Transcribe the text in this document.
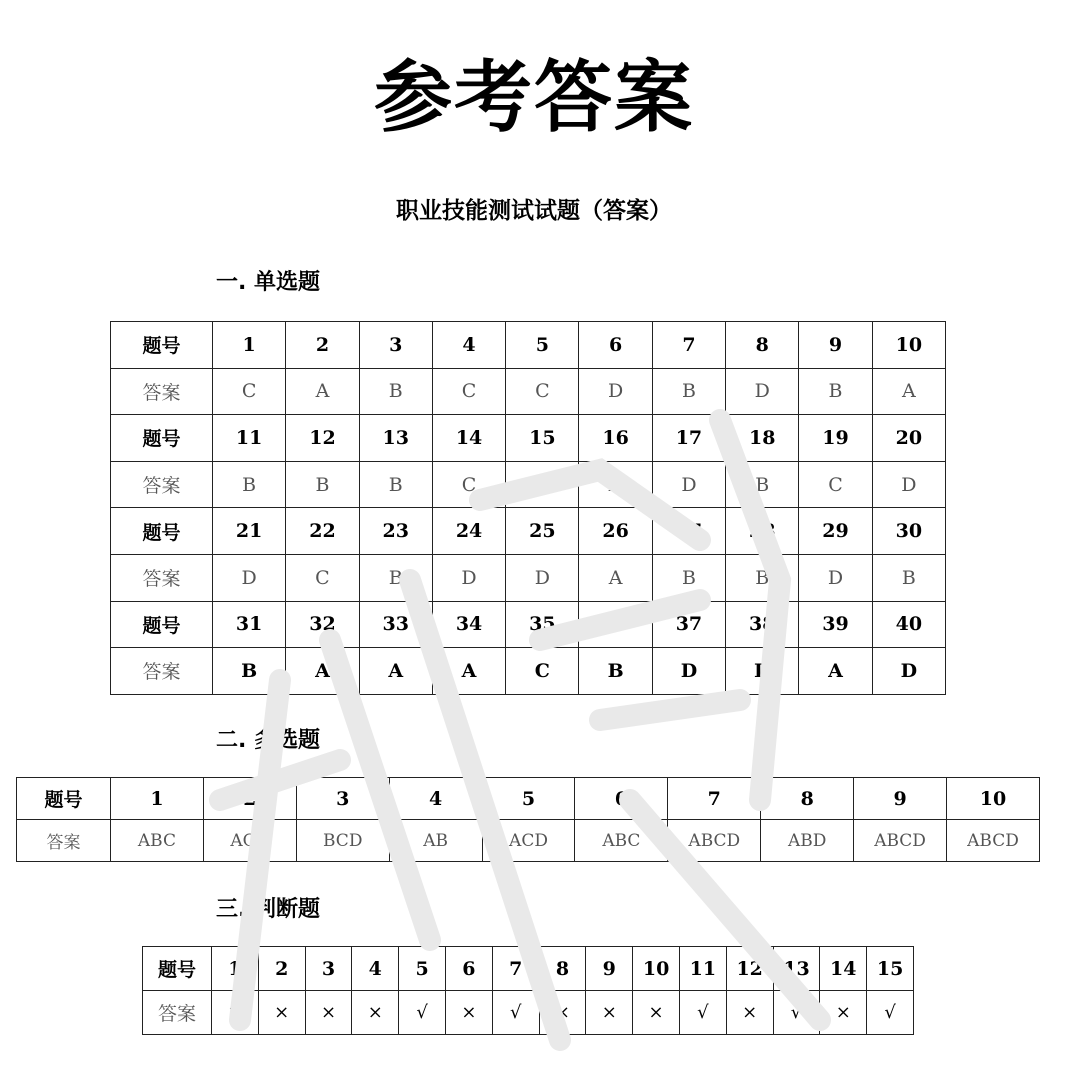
参考答案
职业技能测试试题（答案）
一. 单选题
题号	1	2	3	4	5	6	7	8	9	10
答案	C	A	B	C	C	D	B	D	B	A
题号	11	12	13	14	15	16	17	18	19	20
答案	B	B	B	C	C	A	D	B	C	D
题号	21	22	23	24	25	26	27	28	29	30
答案	D	C	B	D	D	A	B	B	D	B
题号	31	32	33	34	35	36	37	38	39	40
答案	B	A	A	A	C	B	D	D	A	D
二. 多选题
题号	1	2	3	4	5	6	7	8	9	10
答案	ABC	ACD	BCD	AB	ACD	ABC	ABCD	ABD	ABCD	ABCD
三. 判断题
题号	1	2	3	4	5	6	7	8	9	10	11	12	13	14	15
答案	×	×	×	×	√	×	√	×	×	×	√	×	√	×	√
